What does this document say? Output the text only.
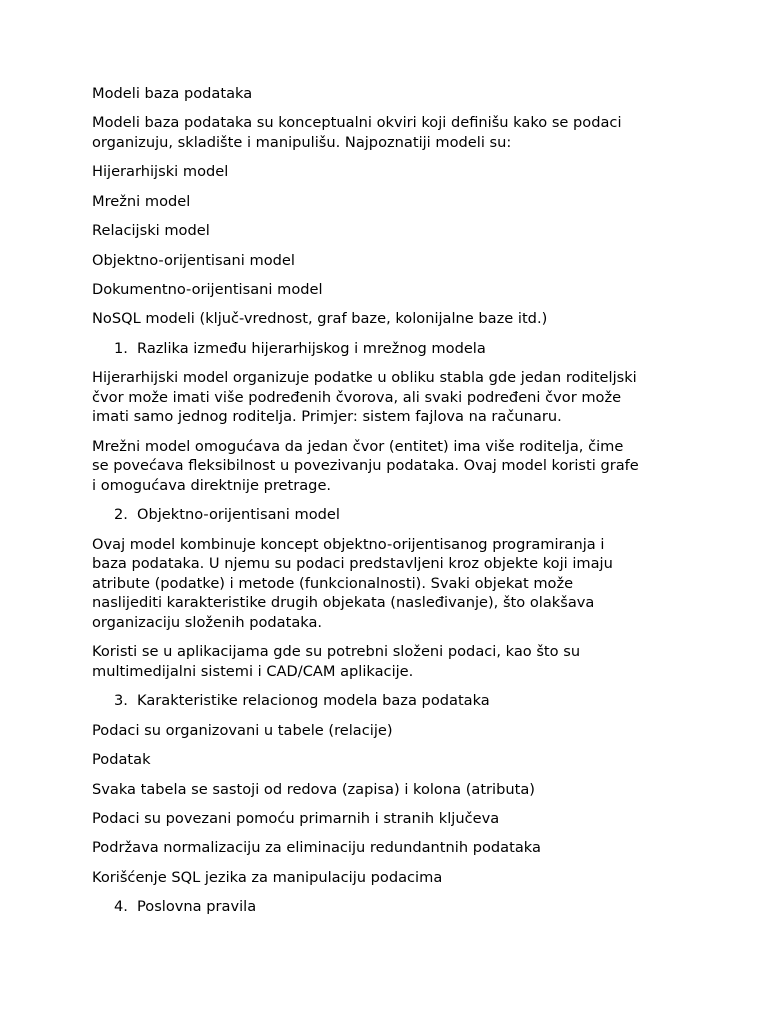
Modeli baza podataka

Modeli baza podataka su konceptualni okviri koji definišu kako se podaci

organizuju, skladište i manipulišu. Najpoznatiji modeli su:

Hijerarhijski model

Mrežni model

Relacijski model

Objektno-orijentisani model

Dokumentno-orijentisani model

NoSQL modeli (ključ-vrednost, graf baze, kolonijalne baze itd.)

1. Razlika između hijerarhijskog i mrežnog modela

Hijerarhijski model organizuje podatke u obliku stabla gde jedan roditeljski

čvor može imati više podređenih čvorova, ali svaki podređeni čvor može

imati samo jednog roditelja. Primjer: sistem fajlova na računaru.

Mrežni model omogućava da jedan čvor (entitet) ima više roditelja, čime

se povećava fleksibilnost u povezivanju podataka. Ovaj model koristi grafe

i omogućava direktnije pretrage.

2. Objektno-orijentisani model

Ovaj model kombinuje koncept objektno-orijentisanog programiranja i

baza podataka. U njemu su podaci predstavljeni kroz objekte koji imaju

atribute (podatke) i metode (funkcionalnosti). Svaki objekat može

naslijediti karakteristike drugih objekata (nasleđivanje), što olakšava

organizaciju složenih podataka.

Koristi se u aplikacijama gde su potrebni složeni podaci, kao što su

multimedijalni sistemi i CAD/CAM aplikacije.

3. Karakteristike relacionog modela baza podataka

Podaci su organizovani u tabele (relacije)

Podatak

Svaka tabela se sastoji od redova (zapisa) i kolona (atributa)

Podaci su povezani pomoću primarnih i stranih ključeva

Podržava normalizaciju za eliminaciju redundantnih podataka

Korišćenje SQL jezika za manipulaciju podacima

4. Poslovna pravila
